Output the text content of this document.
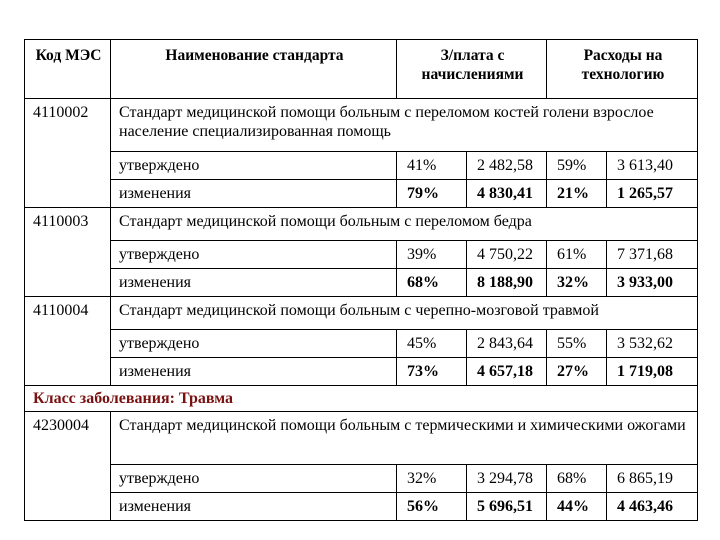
Код МЭС	Наименование стандарта	З/плата с начислениями		Расходы на технологию	
4110002	Стандарт медицинской помощи больным с переломом костей голени взрослое население специализированная помощь				
	утверждено	41%	2 482,58	59%	3 613,40
	изменения	79%	4 830,41	21%	1 265,57
4110003	Стандарт медицинской помощи больным с переломом бедра				
	утверждено	39%	4 750,22	61%	7 371,68
	изменения	68%	8 188,90	32%	3 933,00
4110004	Стандарт медицинской помощи больным с черепно-мозговой травмой				
	утверждено	45%	2 843,64	55%	3 532,62
	изменения	73%	4 657,18	27%	1 719,08
Класс заболевания: Травма					
4230004	Стандарт медицинской помощи больным с термическими и химическими ожогами				
	утверждено	32%	3 294,78	68%	6 865,19
	изменения	56%	5 696,51	44%	4 463,46
